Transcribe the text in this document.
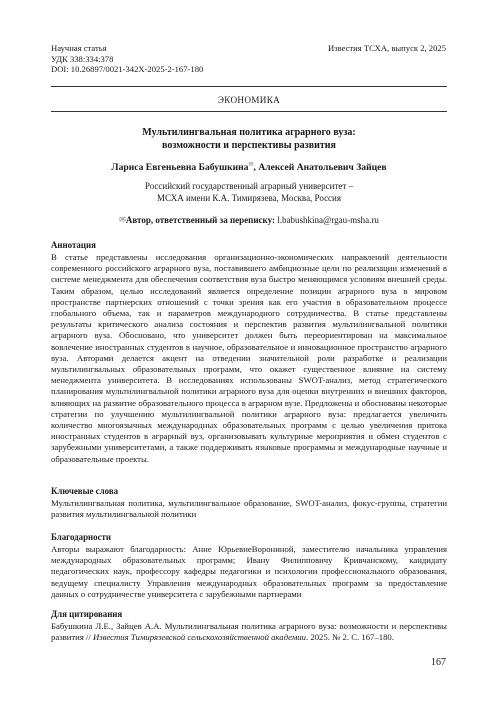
Научная статья
УДК 338:334:378
DOI: 10.26897/0021-342X-2025-2-167-180
Известия ТСХА, выпуск 2, 2025
ЭКОНОМИКА
Мультилингвальная политика аграрного вуза:
возможности и перспективы развития
Лариса Евгеньевна Бабушкина✉, Алексей Анатольевич Зайцев
Российский государственный аграрный университет –
МСХА имени К.А. Тимирязева, Москва, Россия
✉Автор, ответственный за переписку: l.babushkina@rgau-msha.ru
Аннотация

В статье представлены исследования организационно-экономических направлений деятельности современного российского аграрного вуза, поставившего амбициозные цели по реализации изменений в системе менеджмента для обеспечения соответствия вуза быстро меняющимся условиям внешней среды. Таким образом, целью исследований является определение позиции аграрного вуза в мировом пространстве партнерских отношений с точки зрения как его участия в образовательном процессе глобального объема, так и параметров международного сотрудничества. В статье представлены результаты критического анализа состояния и перспектив развития мультилингвальной политики аграрного вуза. Обосновано, что университет должен быть переориентирован на максимальное вовлечение иностранных студентов в научное, образовательное и инновационное пространство аграрного вуза. Авторами делается акцент на отведении значительной роли разработке и реализации мультилингвальных образовательных программ, что окажет существенное влияние на систему менеджмента университета. В исследованиях использованы SWOT-анализ, метод стратегического планирования мультилингвальной политики аграрного вуза для оценки внутренних и внешних факторов, влияющих на развитие образовательного процесса в аграрном вузе. Предложены и обоснованы некоторые стратегии по улучшению мультилингвальной политики аграрного вуза: предлагается увеличить количество многоязычных международных образовательных программ с целью увеличения притока иностранных студентов в аграрный вуз, организовывать культурные мероприятия и обмен студентов с зарубежными университетами, а также поддерживать языковые программы и международные научные и образовательные проекты.

Ключевые слова

Мультилингвальная политика, мультилингвальное образование, SWOT-анализ, фокус-группы, стратегии развития мультилингвальной политики

Благодарности

Авторы выражают благодарность: Анне ЮрьевнеВорониной, заместителю начальника управления международных образовательных программ; Ивану Филипповичу Кривчанскому, кандидату педагогических наук, профессору кафедры педагогики и психологии профессионального образования, ведущему специалисту Управления международных образовательных программ за предоставление данных о сотрудничестве университета с зарубежными партнерами

Для цитирования

Бабушкина Л.Е., Зайцев А.А. Мультилингвальная политика аграрного вуза: возможности и перспективы развития // Известия Тимирязевской сельскохозяйственной академии. 2025. № 2. С. 167–180.

167
